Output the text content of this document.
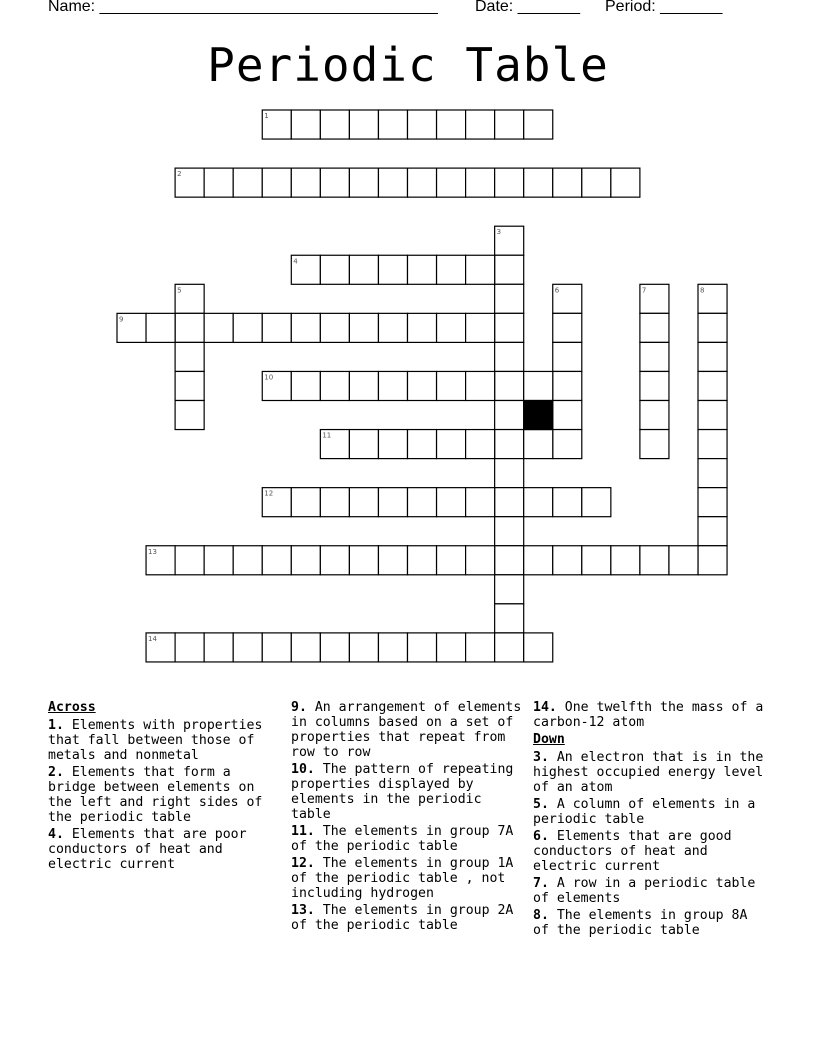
Name: ______________________________________ Date: _______ Period: _______
Periodic Table
1
2
3
4
5	6	7	8
9
10
11
12
13
14
Across
1. Elements with properties that fall between those of metals and nonmetal
2. Elements that form a bridge between elements on the left and right sides of the periodic table
4. Elements that are poor conductors of heat and electric current
9. An arrangement of elements in columns based on a set of properties that repeat from row to row
10. The pattern of repeating properties displayed by elements in the periodic table
11. The elements in group 7A of the periodic table
12. The elements in group 1A of the periodic table , not including hydrogen
13. The elements in group 2A of the periodic table
14. One twelfth the mass of a carbon-12 atom
Down
3. An electron that is in the highest occupied energy level of an atom
5. A column of elements in a periodic table
6. Elements that are good conductors of heat and electric current
7. A row in a periodic table of elements
8. The elements in group 8A of the periodic table
